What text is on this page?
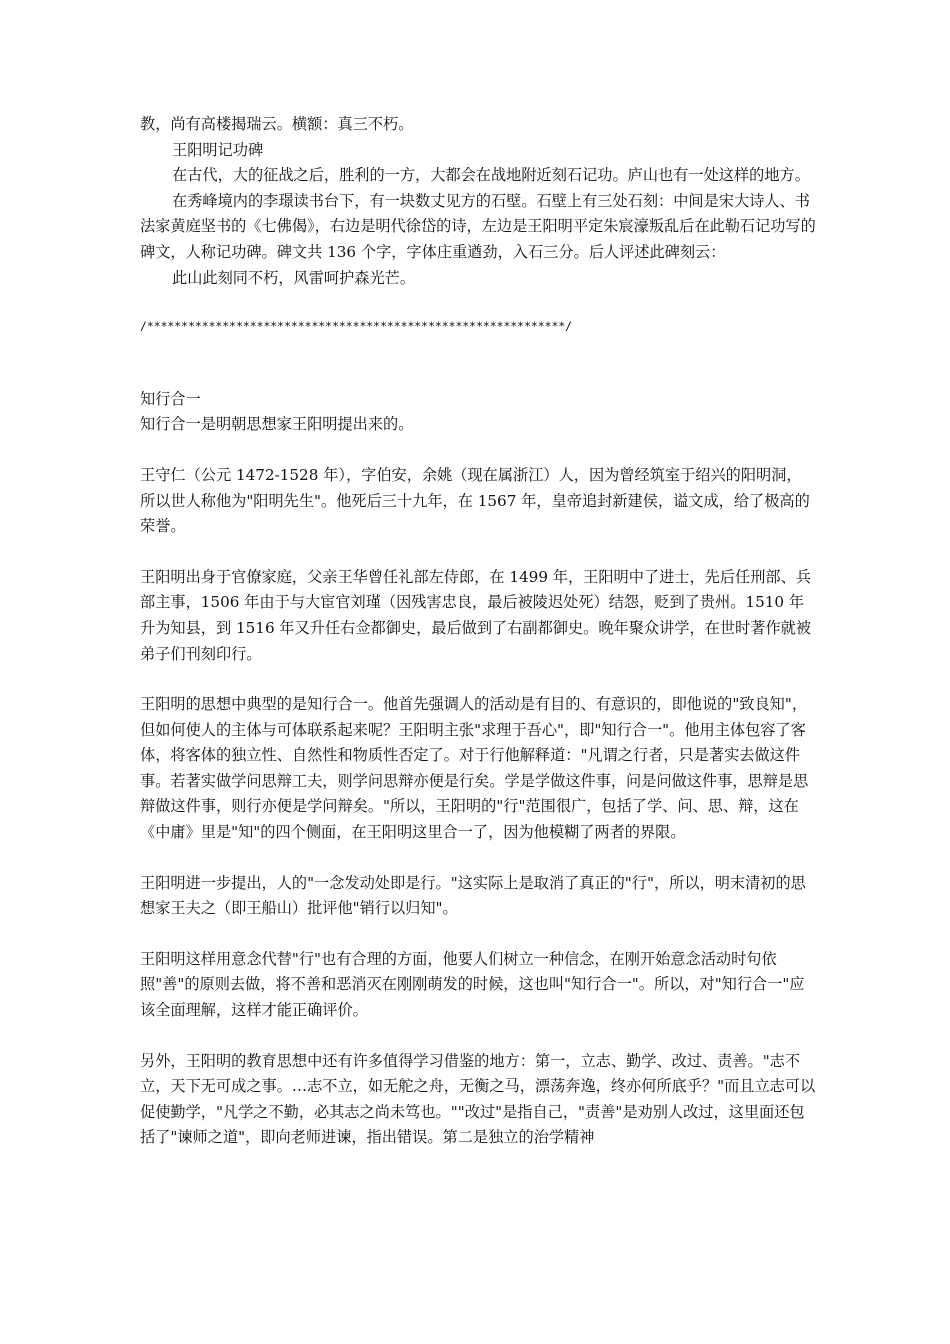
教，尚有高楼揭瑞云。横额：真三不朽。

王阳明记功碑

在古代，大的征战之后，胜利的一方，大都会在战地附近刻石记功。庐山也有一处这样的地方。

在秀峰境内的李璟读书台下，有一块数丈见方的石壁。石壁上有三处石刻：中间是宋大诗人、书法家黄庭坚书的《七佛偈》，右边是明代徐岱的诗，左边是王阳明平定朱宸濠叛乱后在此勒石记功写的碑文，人称记功碑。碑文共 136 个字，字体庄重遒劲，入石三分。后人评述此碑刻云：

此山此刻同不朽，风雷呵护森光芒。

/*************************************************************/

知行合一

知行合一是明朝思想家王阳明提出来的。

王守仁（公元 1472-1528 年），字伯安，余姚（现在属浙江）人，因为曾经筑室于绍兴的阳明洞，所以世人称他为"阳明先生"。他死后三十九年，在 1567 年，皇帝追封新建侯，谥文成，给了极高的荣誉。

王阳明出身于官僚家庭，父亲王华曾任礼部左侍郎，在 1499 年，王阳明中了进士，先后任刑部、兵部主事，1506 年由于与大宦官刘瑾（因残害忠良，最后被陵迟处死）结怨，贬到了贵州。1510 年升为知县，到 1516 年又升任右佥都御史，最后做到了右副都御史。晚年聚众讲学，在世时著作就被弟子们刊刻印行。

王阳明的思想中典型的是知行合一。他首先强调人的活动是有目的、有意识的，即他说的"致良知"，但如何使人的主体与可体联系起来呢？王阳明主张"求理于吾心"，即"知行合一"。他用主体包容了客体，将客体的独立性、自然性和物质性否定了。对于行他解释道："凡谓之行者，只是著实去做这件事。若著实做学问思辩工夫，则学问思辩亦便是行矣。学是学做这件事，问是问做这件事，思辩是思辩做这件事，则行亦便是学问辩矣。"所以，王阳明的"行"范围很广，包括了学、问、思、辩，这在《中庸》里是"知"的四个侧面，在王阳明这里合一了，因为他模糊了两者的界限。

王阳明进一步提出，人的"一念发动处即是行。"这实际上是取消了真正的"行"，所以，明末清初的思想家王夫之（即王船山）批评他"销行以归知"。

王阳明这样用意念代替"行"也有合理的方面，他要人们树立一种信念，在刚开始意念活动时句依照"善"的原则去做，将不善和恶消灭在刚刚萌发的时候，这也叫"知行合一"。所以，对"知行合一"应该全面理解，这样才能正确评价。

另外，王阳明的教育思想中还有许多值得学习借鉴的地方：第一，立志、勤学、改过、责善。"志不立，天下无可成之事。…志不立，如无舵之舟，无衡之马，漂荡奔逸，终亦何所底乎？"而且立志可以促使勤学，"凡学之不勤，必其志之尚未笃也。""改过"是指自己，"责善"是劝别人改过，这里面还包括了"谏师之道"，即向老师进谏，指出错误。第二是独立的治学精神
